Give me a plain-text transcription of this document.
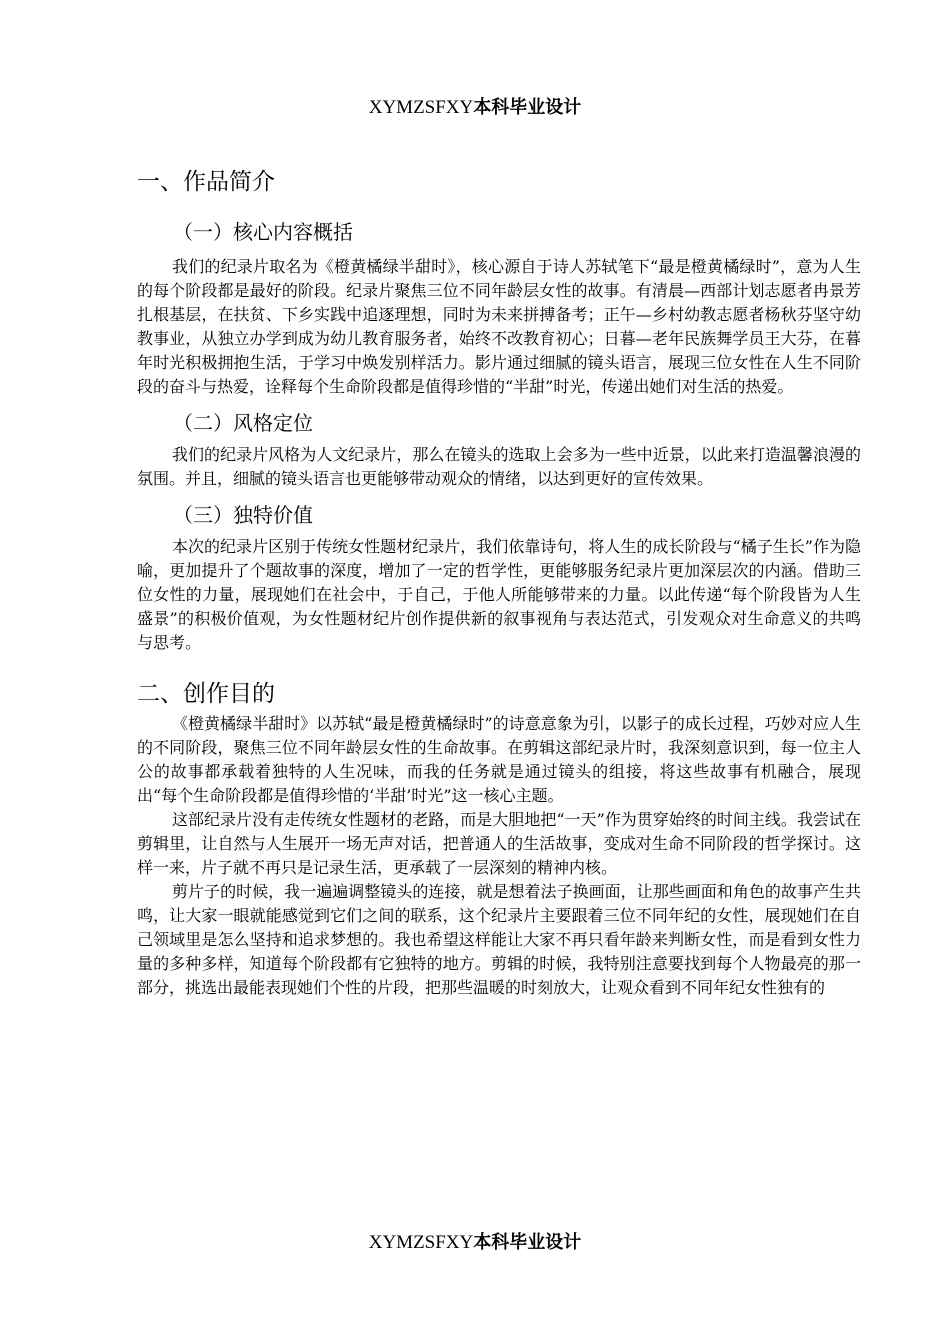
XYMZSFXY本科毕业设计
一、作品简介
（一）核心内容概括

我们的纪录片取名为《橙黄橘绿半甜时》，核心源自于诗人苏轼笔下“最是橙黄橘绿时”，意为人生的每个阶段都是最好的阶段。纪录片聚焦三位不同年龄层女性的故事。有清晨—西部计划志愿者冉景芳扎根基层，在扶贫、下乡实践中追逐理想，同时为未来拼搏备考；正午—乡村幼教志愿者杨秋芬坚守幼教事业，从独立办学到成为幼儿教育服务者，始终不改教育初心；日暮—老年民族舞学员王大芬，在暮年时光积极拥抱生活，于学习中焕发别样活力。影片通过细腻的镜头语言，展现三位女性在人生不同阶段的奋斗与热爱，诠释每个生命阶段都是值得珍惜的“半甜”时光，传递出她们对生活的热爱。

（二）风格定位

我们的纪录片风格为人文纪录片，那么在镜头的选取上会多为一些中近景，以此来打造温馨浪漫的氛围。并且，细腻的镜头语言也更能够带动观众的情绪，以达到更好的宣传效果。

（三）独特价值

本次的纪录片区别于传统女性题材纪录片，我们依靠诗句，将人生的成长阶段与“橘子生长”作为隐喻，更加提升了个题故事的深度，增加了一定的哲学性，更能够服务纪录片更加深层次的内涵。借助三位女性的力量，展现她们在社会中，于自己，于他人所能够带来的力量。以此传递“每个阶段皆为人生盛景”的积极价值观，为女性题材纪片创作提供新的叙事视角与表达范式，引发观众对生命意义的共鸣与思考。

二、创作目的

《橙黄橘绿半甜时》以苏轼“最是橙黄橘绿时”的诗意意象为引，以影子的成长过程，巧妙对应人生的不同阶段，聚焦三位不同年龄层女性的生命故事。在剪辑这部纪录片时，我深刻意识到，每一位主人公的故事都承载着独特的人生况味，而我的任务就是通过镜头的组接，将这些故事有机融合，展现出“每个生命阶段都是值得珍惜的‘半甜’时光”这一核心主题。

这部纪录片没有走传统女性题材的老路，而是大胆地把“一天”作为贯穿始终的时间主线。我尝试在剪辑里，让自然与人生展开一场无声对话，把普通人的生活故事，变成对生命不同阶段的哲学探讨。这样一来，片子就不再只是记录生活，更承载了一层深刻的精神内核。

剪片子的时候，我一遍遍调整镜头的连接，就是想着法子换画面，让那些画面和角色的故事产生共鸣，让大家一眼就能感觉到它们之间的联系，这个纪录片主要跟着三位不同年纪的女性，展现她们在自己领域里是怎么坚持和追求梦想的。我也希望这样能让大家不再只看年龄来判断女性，而是看到女性力量的多种多样，知道每个阶段都有它独特的地方。剪辑的时候，我特别注意要找到每个人物最亮的那一部分，挑选出最能表现她们个性的片段，把那些温暖的时刻放大，让观众看到不同年纪女性独有的

XYMZSFXY本科毕业设计
